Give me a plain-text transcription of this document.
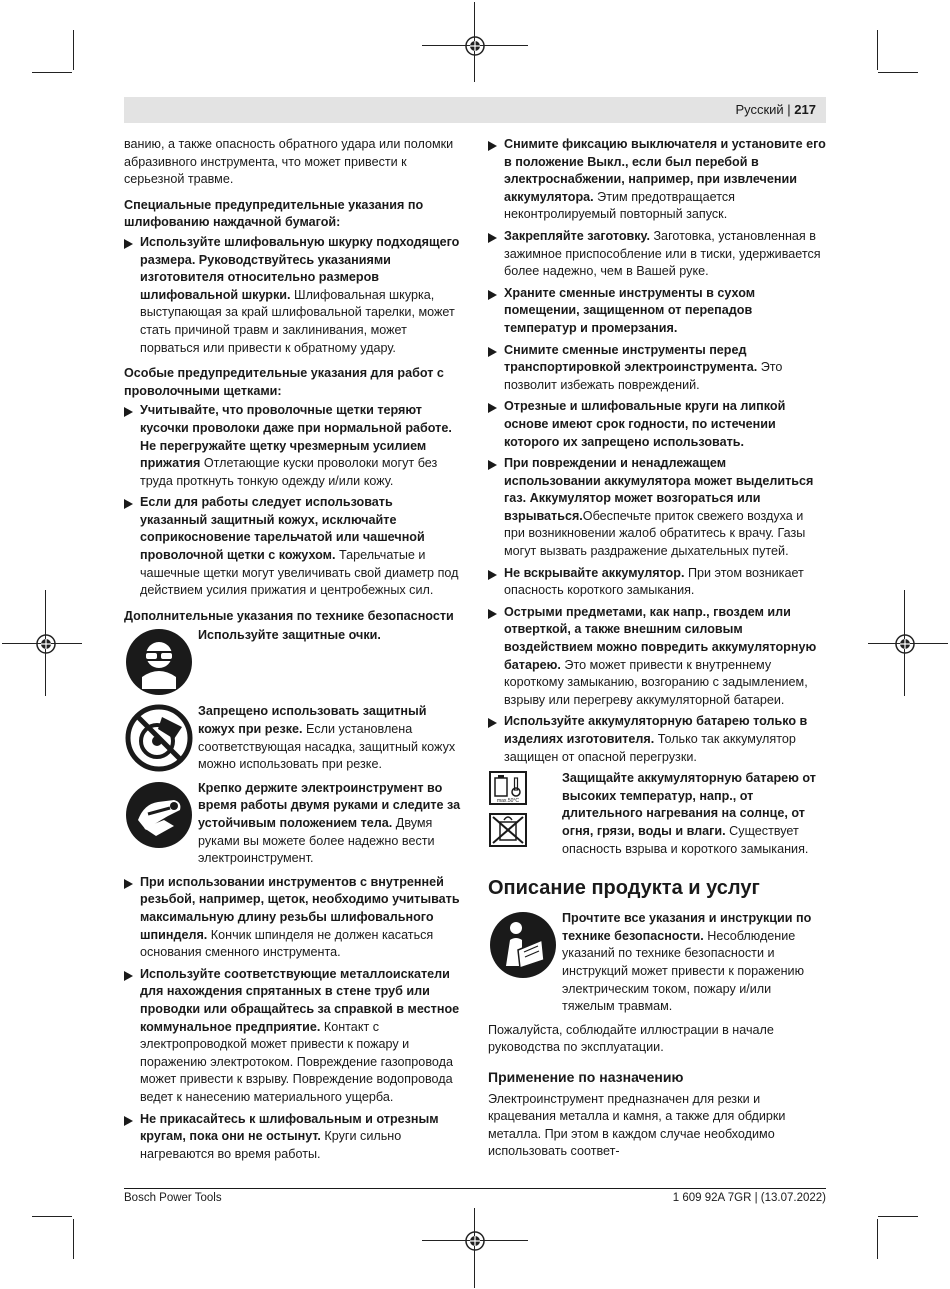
Русский | 217

ванию, а также опасность обратного удара или поломки абразивного инструмента, что может привести к серьезной травме.

Специальные предупредительные указания по шлифованию наждачной бумагой:
Используйте шлифовальную шкурку подходящего размера. Руководствуйтесь указаниями изготовителя относительно размеров шлифовальной шкурки. Шлифовальная шкурка, выступающая за край шлифовальной тарелки, может стать причиной травм и заклинивания, может порваться или привести к обратному удару.
Особые предупредительные указания для работ с проволочными щетками:
Учитывайте, что проволочные щетки теряют кусочки проволоки даже при нормальной работе. Не перегружайте щетку чрезмерным усилием прижатия Отлетающие куски проволоки могут без труда проткнуть тонкую одежду и/или кожу.
Если для работы следует использовать указанный защитный кожух, исключайте соприкосновение тарельчатой или чашечной проволочной щетки с кожухом. Тарельчатые и чашечные щетки могут увеличивать свой диаметр под действием усилия прижатия и центробежных сил.
Дополнительные указания по технике безопасности
Используйте защитные очки.
Запрещено использовать защитный кожух при резке. Если установлена соответствующая насадка, защитный кожух можно использовать при резке.
Крепко держите электроинструмент во время работы двумя руками и следите за устойчивым положением тела. Двумя руками вы можете более надежно вести электроинструмент.
При использовании инструментов с внутренней резьбой, например, щеток, необходимо учитывать максимальную длину резьбы шлифовального шпинделя. Кончик шпинделя не должен касаться основания сменного инструмента.
Используйте соответствующие металлоискатели для нахождения спрятанных в стене труб или проводки или обращайтесь за справкой в местное коммунальное предприятие. Контакт с электропроводкой может привести к пожару и поражению электротоком. Повреждение газопровода может привести к взрыву. Повреждение водопровода ведет к нанесению материального ущерба.
Не прикасайтесь к шлифовальным и отрезным кругам, пока они не остынут. Круги сильно нагреваются во время работы.
Снимите фиксацию выключателя и установите его в положение Выкл., если был перебой в электроснабжении, например, при извлечении аккумулятора. Этим предотвращается неконтролируемый повторный запуск.
Закрепляйте заготовку. Заготовка, установленная в зажимное приспособление или в тиски, удерживается более надежно, чем в Вашей руке.
Храните сменные инструменты в сухом помещении, защищенном от перепадов температур и промерзания.
Снимите сменные инструменты перед транспортировкой электроинструмента. Это позволит избежать повреждений.
Отрезные и шлифовальные круги на липкой основе имеют срок годности, по истечении которого их запрещено использовать.
При повреждении и ненадлежащем использовании аккумулятора может выделиться газ. Аккумулятор может возгораться или взрываться.Обеспечьте приток свежего воздуха и при возникновении жалоб обратитесь к врачу. Газы могут вызвать раздражение дыхательных путей.
Не вскрывайте аккумулятор. При этом возникает опасность короткого замыкания.
Острыми предметами, как напр., гвоздем или отверткой, а также внешним силовым воздействием можно повредить аккумуляторную батарею. Это может привести к внутреннему короткому замыканию, возгоранию с задымлением, взрыву или перегреву аккумуляторной батареи.
Используйте аккумуляторную батарею только в изделиях изготовителя. Только так аккумулятор защищен от опасной перегрузки.
max.50°C
Защищайте аккумуляторную батарею от высоких температур, напр., от длительного нагревания на солнце, от огня, грязи, воды и влаги. Существует опасность взрыва и короткого замыкания.
Описание продукта и услуг
Прочтите все указания и инструкции по технике безопасности. Несоблюдение указаний по технике безопасности и инструкций может привести к поражению электрическим током, пожару и/или тяжелым травмам.

Пожалуйста, соблюдайте иллюстрации в начале руководства по эксплуатации.

Применение по назначению

Электроинструмент предназначен для резки и крацевания металла и камня, а также для обдирки металла. При этом в каждом случае необходимо использовать соответ-

Bosch Power Tools	1 609 92A 7GR | (13.07.2022)
